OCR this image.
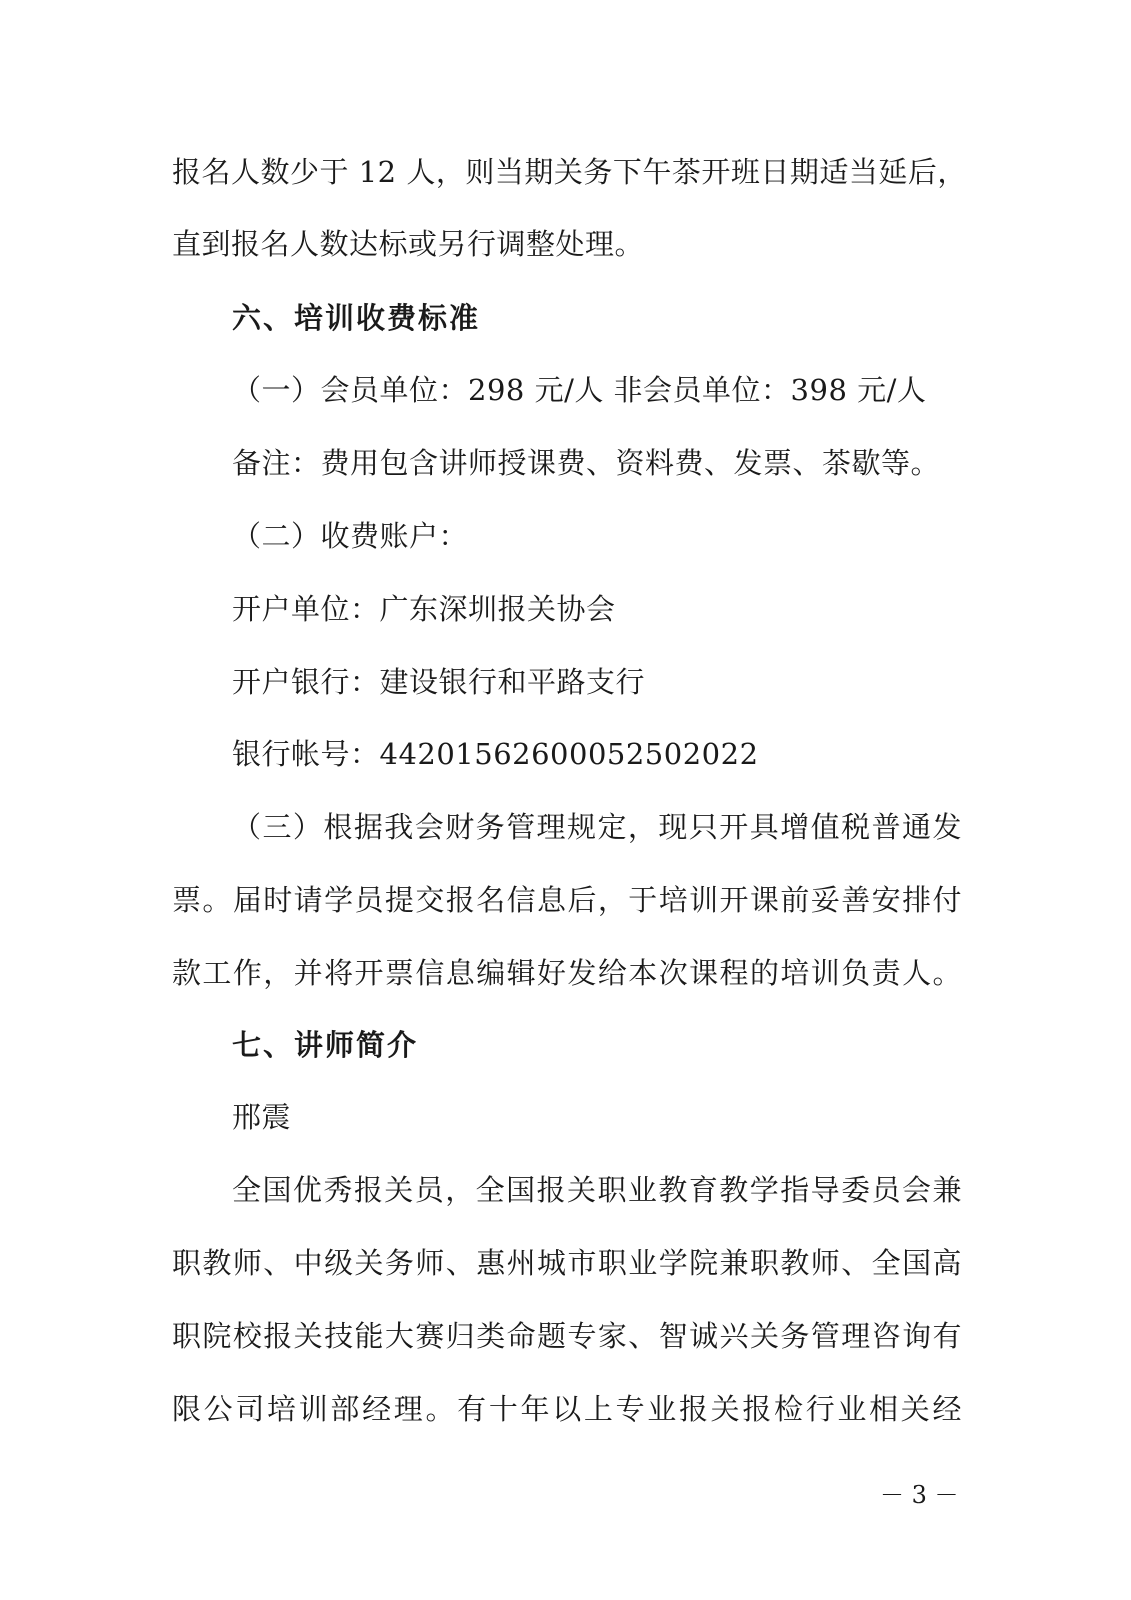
报名人数少于 12 人，则当期关务下午茶开班日期适当延后，
直到报名人数达标或另行调整处理。
六、培训收费标准
（一）会员单位：298 元/人 非会员单位：398 元/人
备注：费用包含讲师授课费、资料费、发票、茶歇等。
（二）收费账户：
开户单位：广东深圳报关协会
开户银行：建设银行和平路支行
银行帐号：44201562600052502022
（三）根据我会财务管理规定，现只开具增值税普通发
票。届时请学员提交报名信息后，于培训开课前妥善安排付
款工作，并将开票信息编辑好发给本次课程的培训负责人。
七、讲师简介
邢震
全国优秀报关员，全国报关职业教育教学指导委员会兼
职教师、中级关务师、惠州城市职业学院兼职教师、全国高
职院校报关技能大赛归类命题专家、智诚兴关务管理咨询有
限公司培训部经理。有十年以上专业报关报检行业相关经
－ 3 －
